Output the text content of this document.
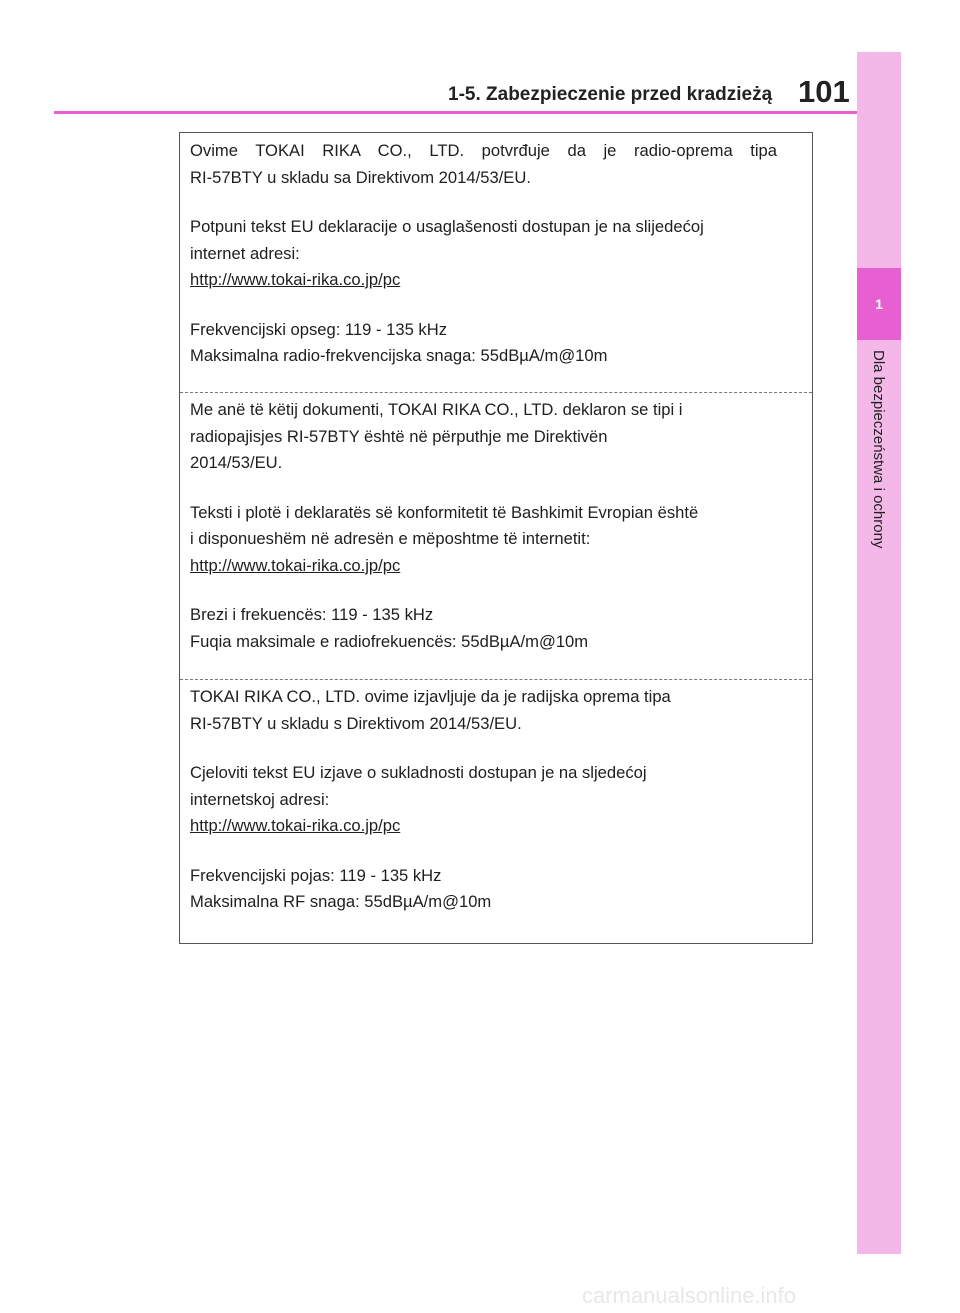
1-5. Zabezpieczenie przed kradzieżą 101
1
Dla bezpieczeństwa i ochrony
Ovime TOKAI RIKA CO., LTD. potvrđuje da je radio-oprema tipa
RI-57BTY u skladu sa Direktivom 2014/53/EU.
Potpuni tekst EU deklaracije o usaglašenosti dostupan je na slijedećoj
internet adresi:
http://www.tokai-rika.co.jp/pc
Frekvencijski opseg: 119 - 135 kHz
Maksimalna radio-frekvencijska snaga: 55dBµA/m@10m
Me anë të këtij dokumenti, TOKAI RIKA CO., LTD. deklaron se tipi i
radiopajisjes RI-57BTY është në përputhje me Direktivën
2014/53/EU.
Teksti i plotë i deklaratës së konformitetit të Bashkimit Evropian është
i disponueshëm në adresën e mëposhtme të internetit:
http://www.tokai-rika.co.jp/pc
Brezi i frekuencës: 119 - 135 kHz
Fuqia maksimale e radiofrekuencës: 55dBµA/m@10m
TOKAI RIKA CO., LTD. ovime izjavljuje da je radijska oprema tipa
RI-57BTY u skladu s Direktivom 2014/53/EU.
Cjeloviti tekst EU izjave o sukladnosti dostupan je na sljedećoj
internetskoj adresi:
http://www.tokai-rika.co.jp/pc
Frekvencijski pojas: 119 - 135 kHz
Maksimalna RF snaga: 55dBµA/m@10m
carmanualsonline.info
